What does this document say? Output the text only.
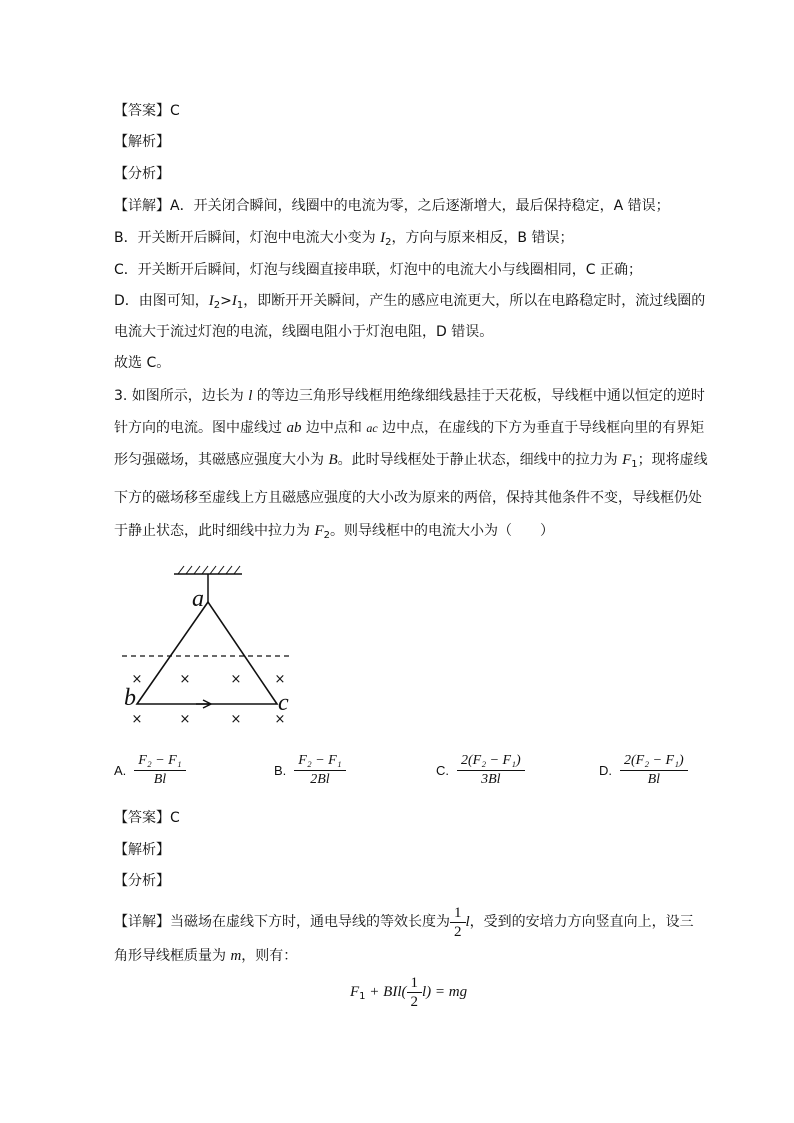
【答案】C
【解析】
【分析】
【详解】A．开关闭合瞬间，线圈中的电流为零，之后逐渐增大，最后保持稳定，A 错误；
B．开关断开后瞬间，灯泡中电流大小变为 $I_2$，方向与原来相反，B 错误；
C．开关断开后瞬间，灯泡与线圈直接串联，灯泡中的电流大小与线圈相同，C 正确；
D．由图可知，$I_2>I_1$，即断开开关瞬间，产生的感应电流更大，所以在电路稳定时，流过线圈的
电流大于流过灯泡的电流，线圈电阻小于灯泡电阻，D 错误。
故选 C。
3. 如图所示，边长为 l 的等边三角形导线框用绝缘细线悬挂于天花板，导线框中通以恒定的逆时
针方向的电流。图中虚线过 ab 边中点和 ac 边中点，在虚线的下方为垂直于导线框向里的有界矩
形匀强磁场，其磁感应强度大小为 B。此时导线框处于静止状态，细线中的拉力为 $F_1$；现将虚线
下方的磁场移至虚线上方且磁感应强度的大小改为原来的两倍，保持其他条件不变，导线框仍处
于静止状态，此时细线中拉力为 $F_2$。则导线框中的电流大小为（　　）
×	×	×	×
×	×	×	×
a
b	c
A. $\frac{\text{F₂ − F₁}}{Bl}$	B. $\frac{\text{F₂ − F₁}}{2Bl}$	C. $\frac{\text{2(F₂ − F₁)}}{3Bl}$	D. $\frac{\text{2(F₂ − F₁)}}{Bl}$
【答案】C
【解析】
【分析】
【详解】当磁场在虚线下方时，通电导线的等效长度为 $\frac{1}{2}$ l，受到的安培力方向竖直向上，设三
角形导线框质量为 m，则有：
$F_1 + BIl( \frac{1}{2} l)$ = mg
